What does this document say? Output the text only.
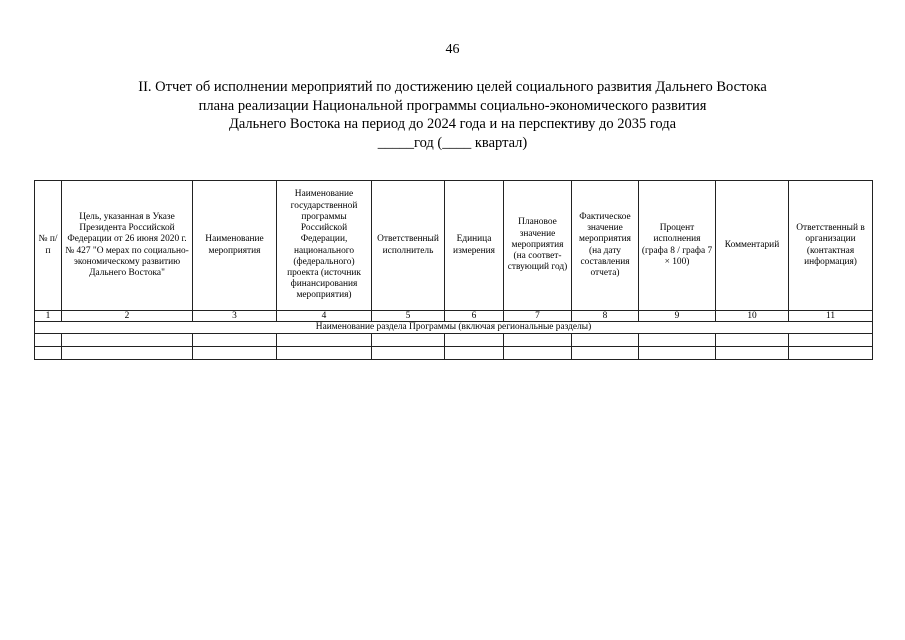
46
II. Отчет об исполнении мероприятий по достижению целей социального развития Дальнего Востока
плана реализации Национальной программы социально-экономического развития
Дальнего Востока на период до 2024 года и на перспективу до 2035 года
_____год (____ квартал)
№ п/п	Цель, указанная в Указе Президента Российской Федерации от 26 июня 2020 г. № 427 "О мерах по социально-экономическому развитию Дальнего Востока"	Наименование мероприятия	Наименование государственной программы Российской Федерации, национального (федерального) проекта (источник финансирования мероприятия)	Ответственный исполнитель	Единица измерения	Плановое значение мероприятия (на соответ-ствующий год)	Фактическое значение мероприятия (на дату составления отчета)	Процент исполнения (графа 8 / графа 7 × 100)	Комментарий	Ответственный в организации (контактная информация)
1	2	3	4	5	6	7	8	9	10	11
Наименование раздела Программы (включая региональные разделы)										
